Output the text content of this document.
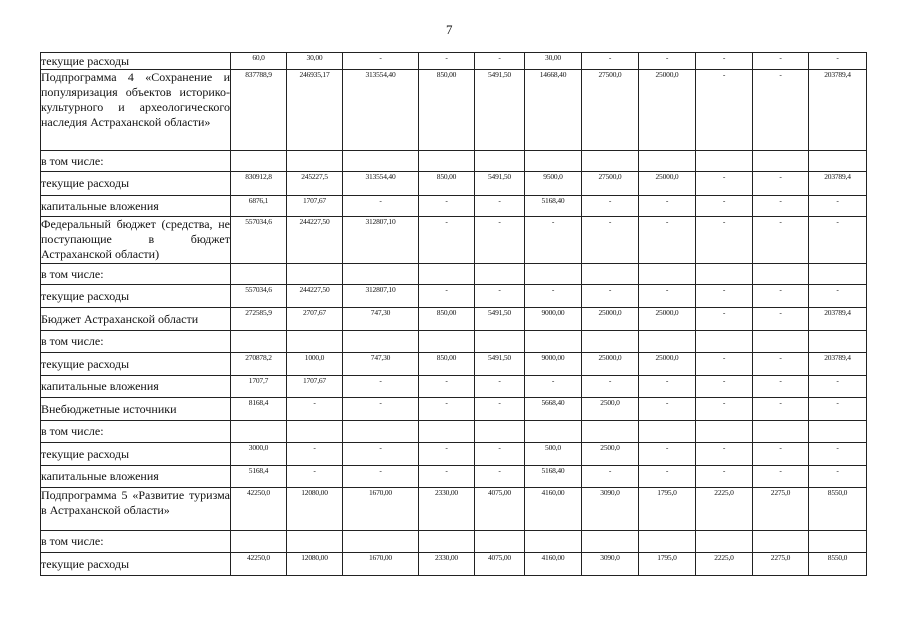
7
текущие расходы	60,0	30,00	-	-	-	30,00	-	-	-	-	-
Подпрограмма 4 «Сохранение и популяризация объектов историко-культурного и археологического наследия Астраханской области»	837788,9	246935,17	313554,40	850,00	5491,50	14668,40	27500,0	25000,0	-	-	203789,4
в том числе:											
текущие расходы	830912,8	245227,5	313554,40	850,00	5491,50	9500,0	27500,0	25000,0	-	-	203789,4
капитальные вложения	6876,1	1707,67	-	-	-	5168,40	-	-	-	-	-
Федеральный бюджет (средства, не поступающие в бюджет Астраханской области)	557034,6	244227,50	312807,10	-	-	-	-	-	-	-	-
в том числе:											
текущие расходы	557034,6	244227,50	312807,10	-	-	-	-	-	-	-	-
Бюджет Астраханской области	272585,9	2707,67	747,30	850,00	5491,50	9000,00	25000,0	25000,0	-	-	203789,4
в том числе:											
текущие расходы	270878,2	1000,0	747,30	850,00	5491,50	9000,00	25000,0	25000,0	-	-	203789,4
капитальные вложения	1707,7	1707,67	-	-	-	-	-	-	-	-	-
Внебюджетные источники	8168,4	-	-	-	-	5668,40	2500,0	-	-	-	-
в том числе:											
текущие расходы	3000,0	-	-	-	-	500,0	2500,0	-	-	-	-
капитальные вложения	5168,4	-	-	-	-	5168,40	-	-	-	-	-
Подпрограмма 5 «Развитие туризма в Астраханской области»	42250,0	12080,00	1670,00	2330,00	4075,00	4160,00	3090,0	1795,0	2225,0	2275,0	8550,0
в том числе:											
текущие расходы	42250,0	12080,00	1670,00	2330,00	4075,00	4160,00	3090,0	1795,0	2225,0	2275,0	8550,0
